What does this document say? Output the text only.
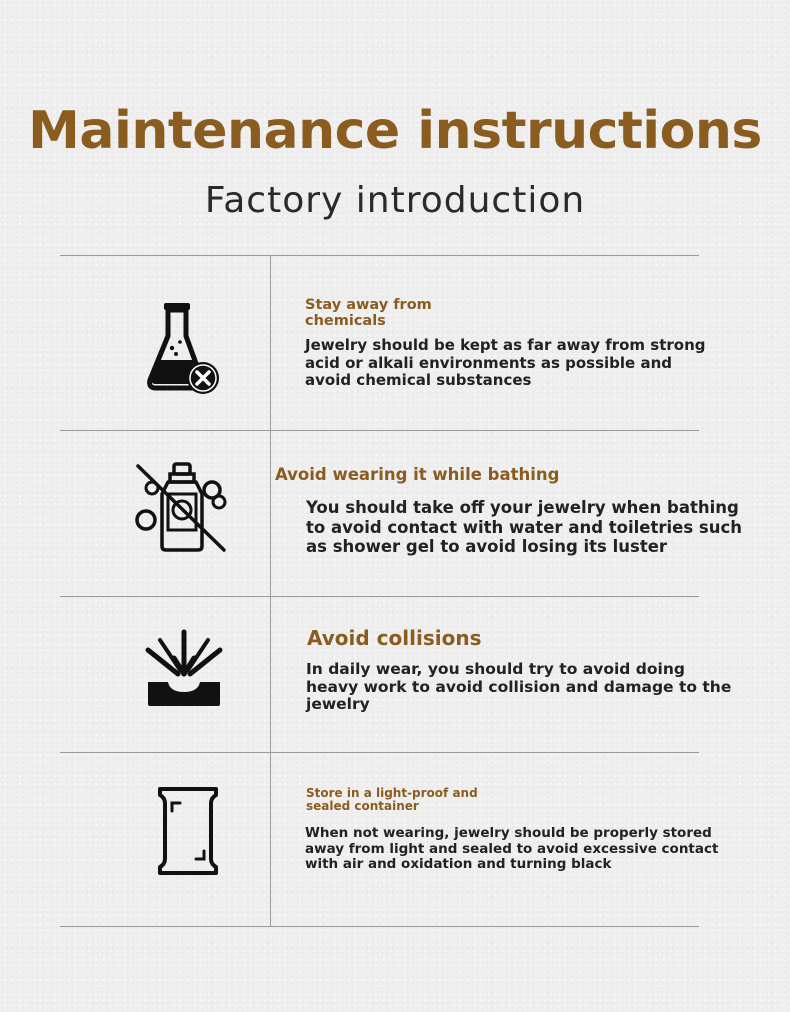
Maintenance instructions
Factory introduction

Stay away from
chemicals

Jewelry should be kept as far away from strong
acid or alkali environments as possible and
avoid chemical substances

Avoid wearing it while bathing

You should take off your jewelry when bathing
to avoid contact with water and toiletries such
as shower gel to avoid losing its luster

Avoid collisions

In daily wear, you should try to avoid doing
heavy work to avoid collision and damage to the
jewelry

Store in a light-proof and
sealed container

When not wearing, jewelry should be properly stored
away from light and sealed to avoid excessive contact
with air and oxidation and turning black
